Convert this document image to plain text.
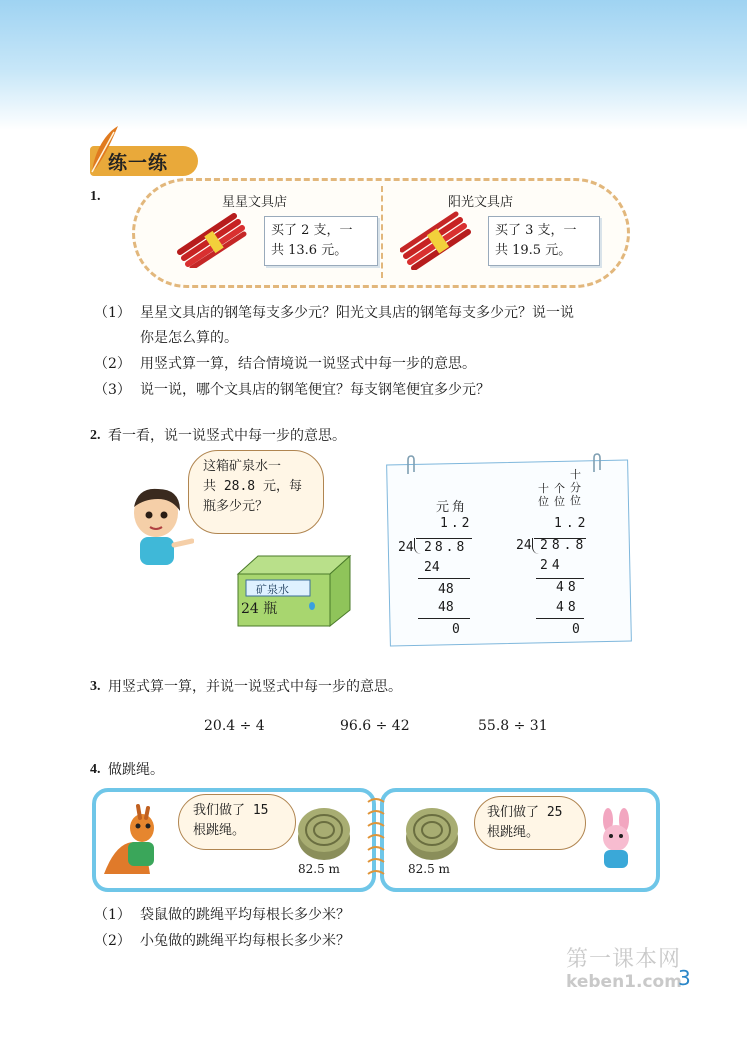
练一练
1.	星星文具店
买了 2 支，一
共 13.6 元。
阳光文具店
买了 3 支，一
共 19.5 元。
（1） 星星文具店的钢笔每支多少元？阳光文具店的钢笔每支多少元？说一说
你是怎么算的。
（2） 用竖式算一算，结合情境说一说竖式中每一步的意思。
（3） 说一说，哪个文具店的钢笔便宜？每支钢笔便宜多少元？
2. 看一看，说一说竖式中每一步的意思。
这箱矿泉水一
共 28.8 元，每
瓶多少元？
矿泉水
24 瓶
元 角
1.2
24 28.8
24
48
48
0
十位
个位
十分位
1.2
24 28.8
24
48
48
0
3. 用竖式算一算，并说一说竖式中每一步的意思。
20.4 ÷ 4	96.6 ÷ 42	55.8 ÷ 31
4. 做跳绳。
我们做了 15
根跳绳。
82.5 m	82.5 m
我们做了 25
根跳绳。
（1） 袋鼠做的跳绳平均每根长多少米？
（2） 小兔做的跳绳平均每根长多少米？
第一课本网
keben1.com
3
